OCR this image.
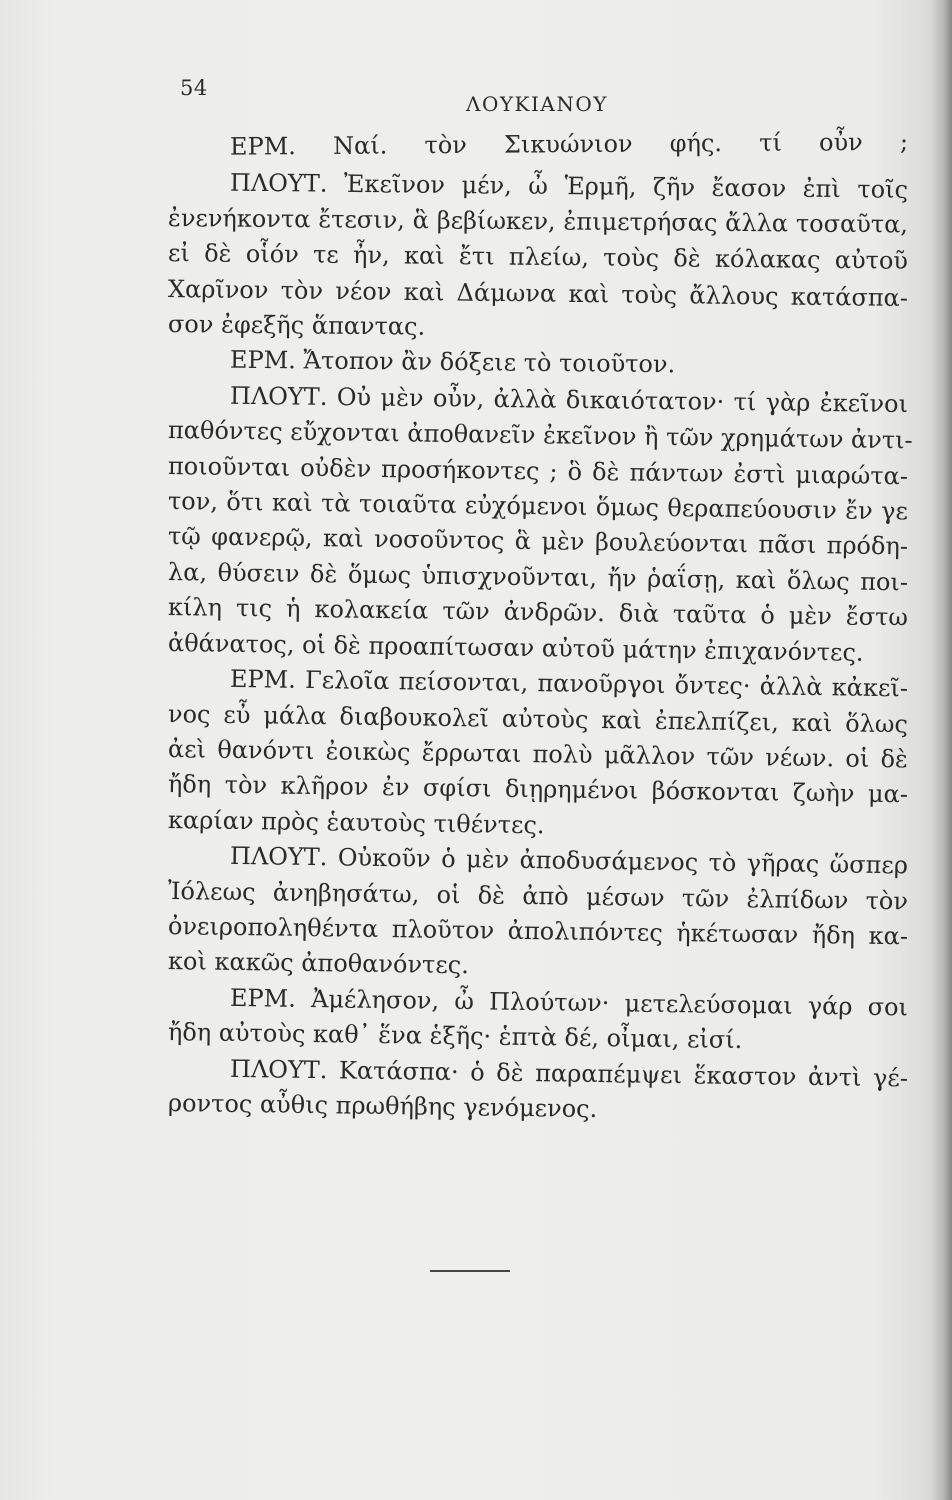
54
ΛΟΥΚΙΑΝΟΥ
ΕΡΜ. Ναί. τὸν Σικυώνιον φής. τί οὖν ;
ΠΛΟΥΤ. Ἐκεῖνον μέν, ὦ Ἑρμῆ, ζῆν ἔασον ἐπὶ τοῖς
ἐνενήκοντα ἔτεσιν, ἃ βεβίωκεν, ἐπιμετρήσας ἄλλα τοσαῦτα,
εἰ δὲ οἷόν τε ἦν, καὶ ἔτι πλείω, τοὺς δὲ κόλακας αὐτοῦ
Χαρῖνον τὸν νέον καὶ Δάμωνα καὶ τοὺς ἄλλους κατάσπα-
σον ἐφεξῆς ἅπαντας.
ΕΡΜ. Ἄτοπον ἂν δόξειε τὸ τοιοῦτον.
ΠΛΟΥΤ. Οὐ μὲν οὖν, ἀλλὰ δικαιότατον· τί γὰρ ἐκεῖνοι
παθόντες εὔχονται ἀποθανεῖν ἐκεῖνον ἢ τῶν χρημάτων ἀντι-
ποιοῦνται οὐδὲν προσήκοντες ; ὃ δὲ πάντων ἐστὶ μιαρώτα-
τον, ὅτι καὶ τὰ τοιαῦτα εὐχόμενοι ὅμως θεραπεύουσιν ἔν γε
τῷ φανερῷ, καὶ νοσοῦντος ἃ μὲν βουλεύονται πᾶσι πρόδη-
λα, θύσειν δὲ ὅμως ὑπισχνοῦνται, ἤν ῥαΐσῃ, καὶ ὅλως ποι-
κίλη τις ἡ κολακεία τῶν ἀνδρῶν. διὰ ταῦτα ὁ μὲν ἔστω
ἀθάνατος, οἱ δὲ προαπίτωσαν αὐτοῦ μάτην ἐπιχανόντες.
ΕΡΜ. Γελοῖα πείσονται, πανοῦργοι ὄντες· ἀλλὰ κἀκεῖ-
νος εὖ μάλα διαβουκολεῖ αὐτοὺς καὶ ἐπελπίζει, καὶ ὅλως
ἀεὶ θανόντι ἐοικὼς ἔρρωται πολὺ μᾶλλον τῶν νέων. οἱ δὲ
ἤδη τὸν κλῆρον ἐν σφίσι διῃρημένοι βόσκονται ζωὴν μα-
καρίαν πρὸς ἑαυτοὺς τιθέντες.
ΠΛΟΥΤ. Οὐκοῦν ὁ μὲν ἀποδυσάμενος τὸ γῆρας ὥσπερ
Ἰόλεως ἀνηβησάτω, οἱ δὲ ἀπὸ μέσων τῶν ἐλπίδων τὸν
ὀνειροποληθέντα πλοῦτον ἀπολιπόντες ἡκέτωσαν ἤδη κα-
κοὶ κακῶς ἀποθανόντες.
ΕΡΜ. Ἀμέλησον, ὦ Πλούτων· μετελεύσομαι γάρ σοι
ἤδη αὐτοὺς καθ᾽ ἕνα ἑξῆς· ἑπτὰ δέ, οἶμαι, εἰσί.
ΠΛΟΥΤ. Κατάσπα· ὁ δὲ παραπέμψει ἕκαστον ἀντὶ γέ-
ροντος αὖθις πρωθήβης γενόμενος.
